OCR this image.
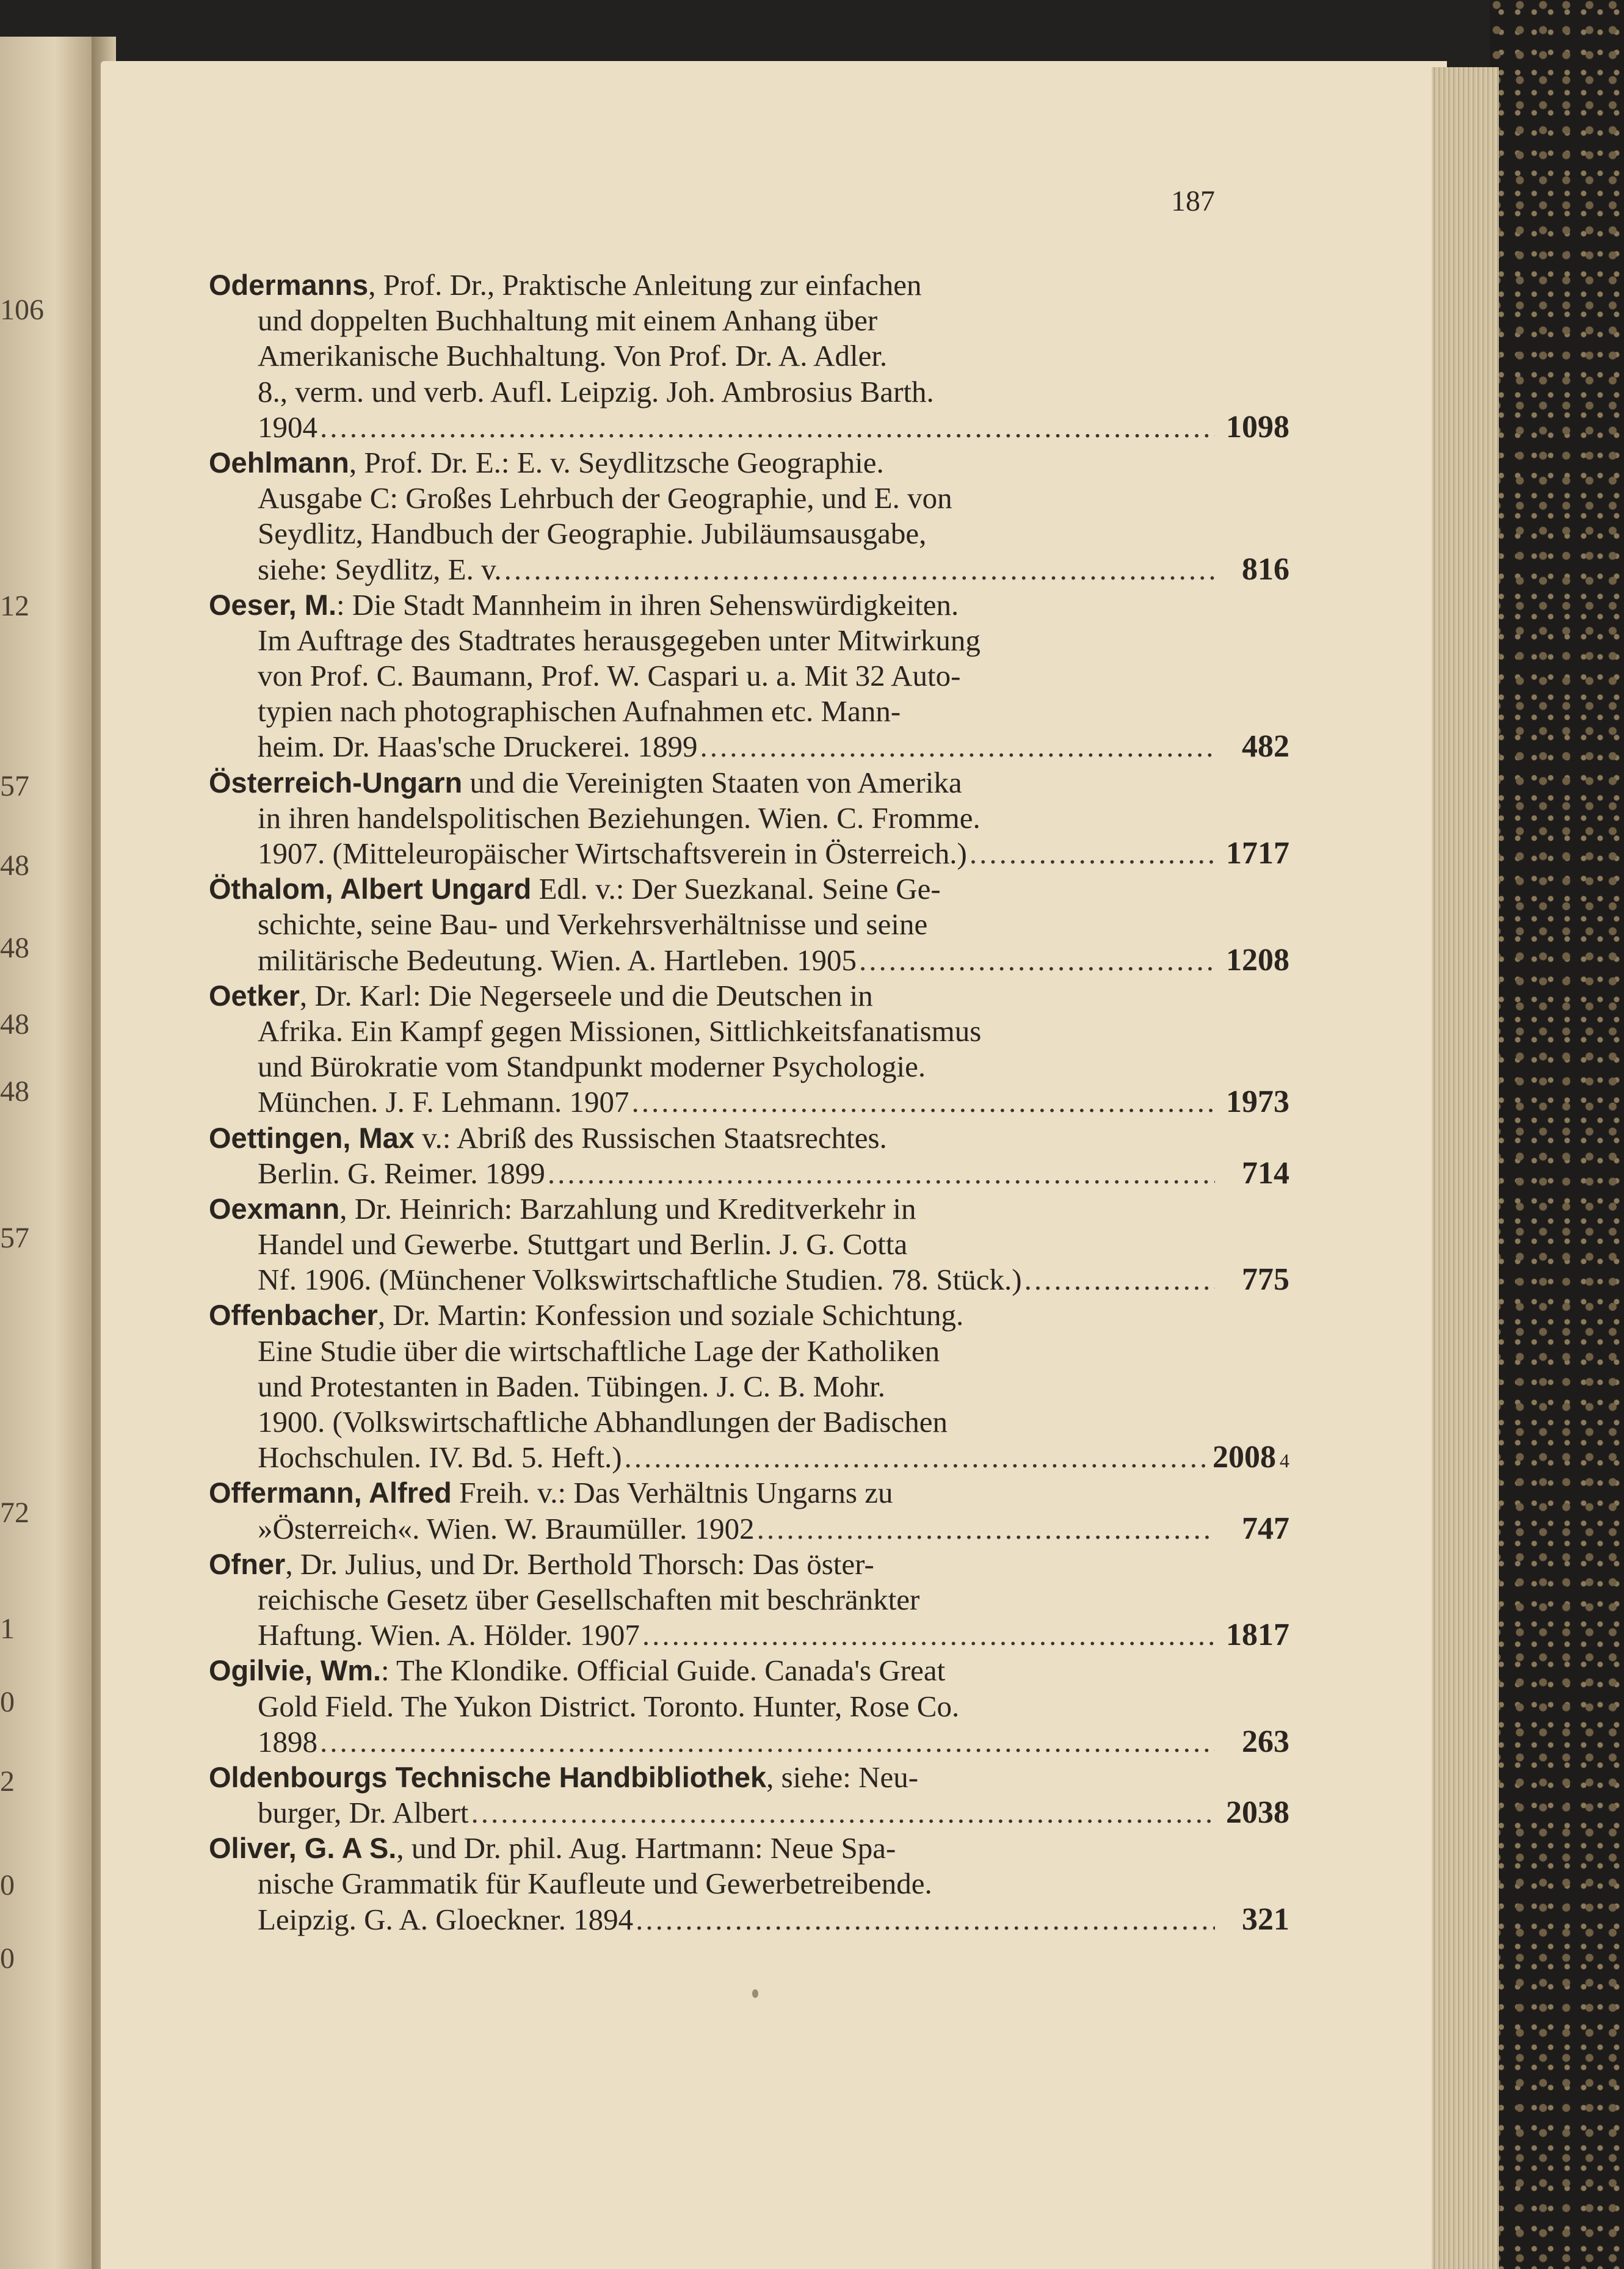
106
12
57
48
48
48
48
57
72
1
0
2
0
0
187
Odermanns, Prof. Dr., Praktische Anleitung zur einfachen
und doppelten Buchhaltung mit einem Anhang über
Amerikanische Buchhaltung. Von Prof. Dr. A. Adler.
8., verm. und verb. Aufl. Leipzig. Joh. Ambrosius Barth.
1904 .....	1098
Oehlmann, Prof. Dr. E.: E. v. Seydlitzsche Geographie.
Ausgabe C: Großes Lehrbuch der Geographie, und E. von
Seydlitz, Handbuch der Geographie. Jubiläumsausgabe,
siehe: Seydlitz, E. v. .....	816
Oeser, M.: Die Stadt Mannheim in ihren Sehenswürdigkeiten.
Im Auftrage des Stadtrates herausgegeben unter Mitwirkung
von Prof. C. Baumann, Prof. W. Caspari u. a. Mit 32 Auto-
typien nach photographischen Aufnahmen etc. Mann-
heim. Dr. Haas'sche Druckerei. 1899 .....	482
Österreich-Ungarn und die Vereinigten Staaten von Amerika
in ihren handelspolitischen Beziehungen. Wien. C. Fromme.
1907. (Mitteleuropäischer Wirtschaftsverein in Österreich.) .....	1717
Öthalom, Albert Ungard Edl. v.: Der Suezkanal. Seine Ge-
schichte, seine Bau- und Verkehrsverhältnisse und seine
militärische Bedeutung. Wien. A. Hartleben. 1905 .....	1208
Oetker, Dr. Karl: Die Negerseele und die Deutschen in
Afrika. Ein Kampf gegen Missionen, Sittlichkeitsfanatismus
und Bürokratie vom Standpunkt moderner Psychologie.
München. J. F. Lehmann. 1907 .....	1973
Oettingen, Max v.: Abriß des Russischen Staatsrechtes.
Berlin. G. Reimer. 1899 .....	714
Oexmann, Dr. Heinrich: Barzahlung und Kreditverkehr in
Handel und Gewerbe. Stuttgart und Berlin. J. G. Cotta
Nf. 1906. (Münchener Volkswirtschaftliche Studien. 78. Stück.) .....	775
Offenbacher, Dr. Martin: Konfession und soziale Schichtung.
Eine Studie über die wirtschaftliche Lage der Katholiken
und Protestanten in Baden. Tübingen. J. C. B. Mohr.
1900. (Volkswirtschaftliche Abhandlungen der Badischen
Hochschulen. IV. Bd. 5. Heft.) .....	2008 4
Offermann, Alfred Freih. v.: Das Verhältnis Ungarns zu
»Österreich«. Wien. W. Braumüller. 1902 .....	747
Ofner, Dr. Julius, und Dr. Berthold Thorsch: Das öster-
reichische Gesetz über Gesellschaften mit beschränkter
Haftung. Wien. A. Hölder. 1907 .....	1817
Ogilvie, Wm.: The Klondike. Official Guide. Canada's Great
Gold Field. The Yukon District. Toronto. Hunter, Rose Co.
1898 .....	263
Oldenbourgs Technische Handbibliothek, siehe: Neu-
burger, Dr. Albert .....	2038
Oliver, G. A S., und Dr. phil. Aug. Hartmann: Neue Spa-
nische Grammatik für Kaufleute und Gewerbetreibende.
Leipzig. G. A. Gloeckner. 1894 .....	321
